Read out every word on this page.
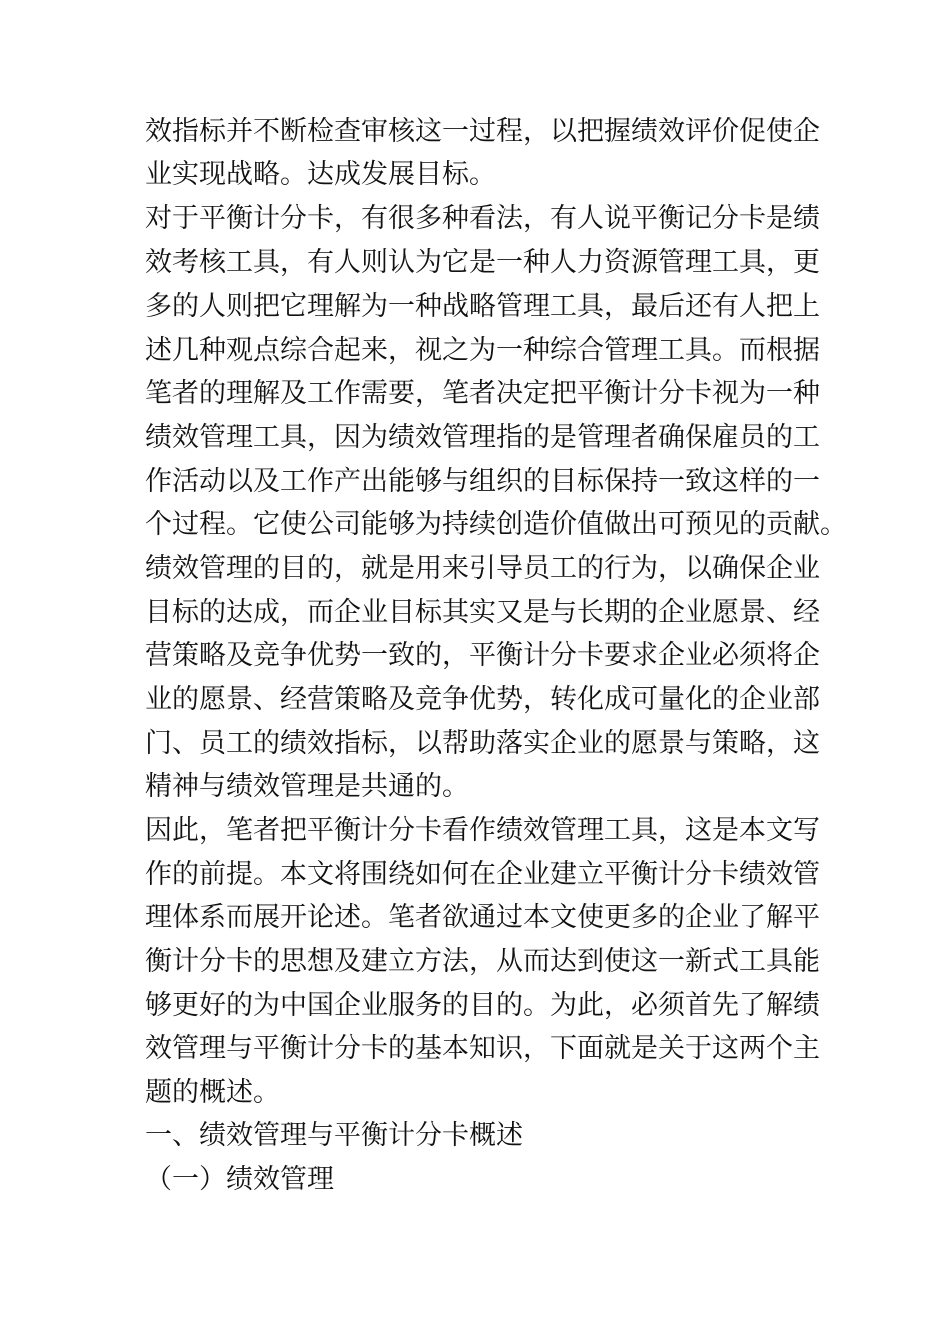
效指标并不断检查审核这一过程，以把握绩效评价促使企

业实现战略。达成发展目标。

对于平衡计分卡，有很多种看法，有人说平衡记分卡是绩

效考核工具，有人则认为它是一种人力资源管理工具，更

多的人则把它理解为一种战略管理工具，最后还有人把上

述几种观点综合起来，视之为一种综合管理工具。而根据

笔者的理解及工作需要，笔者决定把平衡计分卡视为一种

绩效管理工具，因为绩效管理指的是管理者确保雇员的工

作活动以及工作产出能够与组织的目标保持一致这样的一

个过程。它使公司能够为持续创造价值做出可预见的贡献。

绩效管理的目的，就是用来引导员工的行为，以确保企业

目标的达成，而企业目标其实又是与长期的企业愿景、经

营策略及竞争优势一致的，平衡计分卡要求企业必须将企

业的愿景、经营策略及竞争优势，转化成可量化的企业部

门、员工的绩效指标，以帮助落实企业的愿景与策略，这

精神与绩效管理是共通的。

因此，笔者把平衡计分卡看作绩效管理工具，这是本文写

作的前提。本文将围绕如何在企业建立平衡计分卡绩效管

理体系而展开论述。笔者欲通过本文使更多的企业了解平

衡计分卡的思想及建立方法，从而达到使这一新式工具能

够更好的为中国企业服务的目的。为此，必须首先了解绩

效管理与平衡计分卡的基本知识，下面就是关于这两个主

题的概述。

一、绩效管理与平衡计分卡概述

（一）绩效管理
